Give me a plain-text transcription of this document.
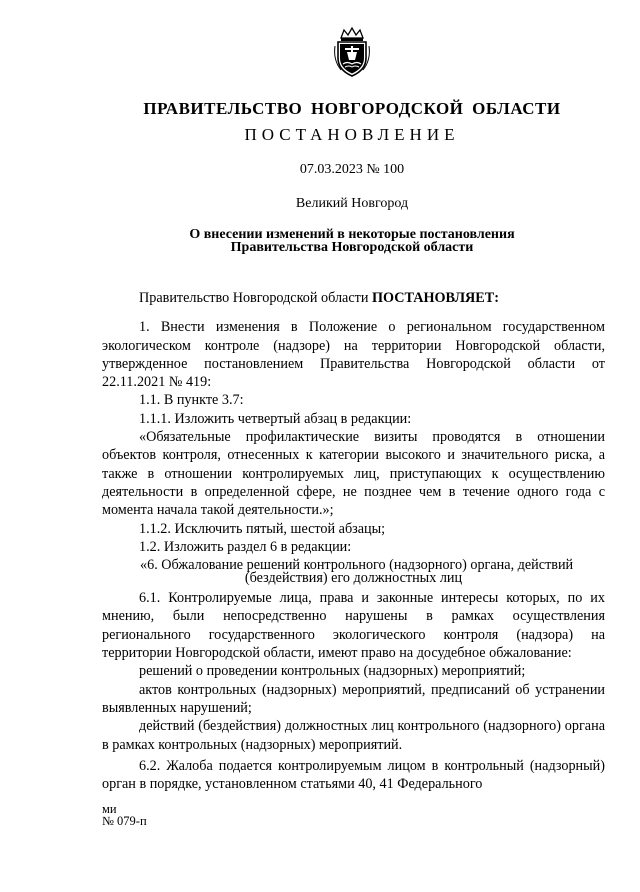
ПРАВИТЕЛЬСТВО НОВГОРОДСКОЙ ОБЛАСТИ
ПОСТАНОВЛЕНИЕ
07.03.2023 № 100
Великий Новгород
О внесении изменений в некоторые постановления
Правительства Новгородской области

Правительство Новгородской области ПОСТАНОВЛЯЕТ:

1. Внести изменения в Положение о региональном государственном экологическом контроле (надзоре) на территории Новгородской области, утвержденное постановлением Правительства Новгородской области от 22.11.2021 № 419:

1.1. В пункте 3.7:

1.1.1. Изложить четвертый абзац в редакции:

«Обязательные профилактические визиты проводятся в отношении объектов контроля, отнесенных к категории высокого и значительного риска, а также в отношении контролируемых лиц, приступающих к осуществлению деятельности в определенной сфере, не позднее чем в течение одного года с момента начала такой деятельности.»;

1.1.2. Исключить пятый, шестой абзацы;

1.2. Изложить раздел 6 в редакции:

«6. Обжалование решений контрольного (надзорного) органа, действий
(бездействия) его должностных лиц

6.1. Контролируемые лица, права и законные интересы которых, по их мнению, были непосредственно нарушены в рамках осуществления регионального государственного экологического контроля (надзора) на территории Новгородской области, имеют право на досудебное обжалование:

решений о проведении контрольных (надзорных) мероприятий;

актов контрольных (надзорных) мероприятий, предписаний об устранении выявленных нарушений;

действий (бездействия) должностных лиц контрольного (надзорного) органа в рамках контрольных (надзорных) мероприятий.

6.2. Жалоба подается контролируемым лицом в контрольный (надзорный) орган в порядке, установленном статьями 40, 41 Федерального

ми
№ 079-п
